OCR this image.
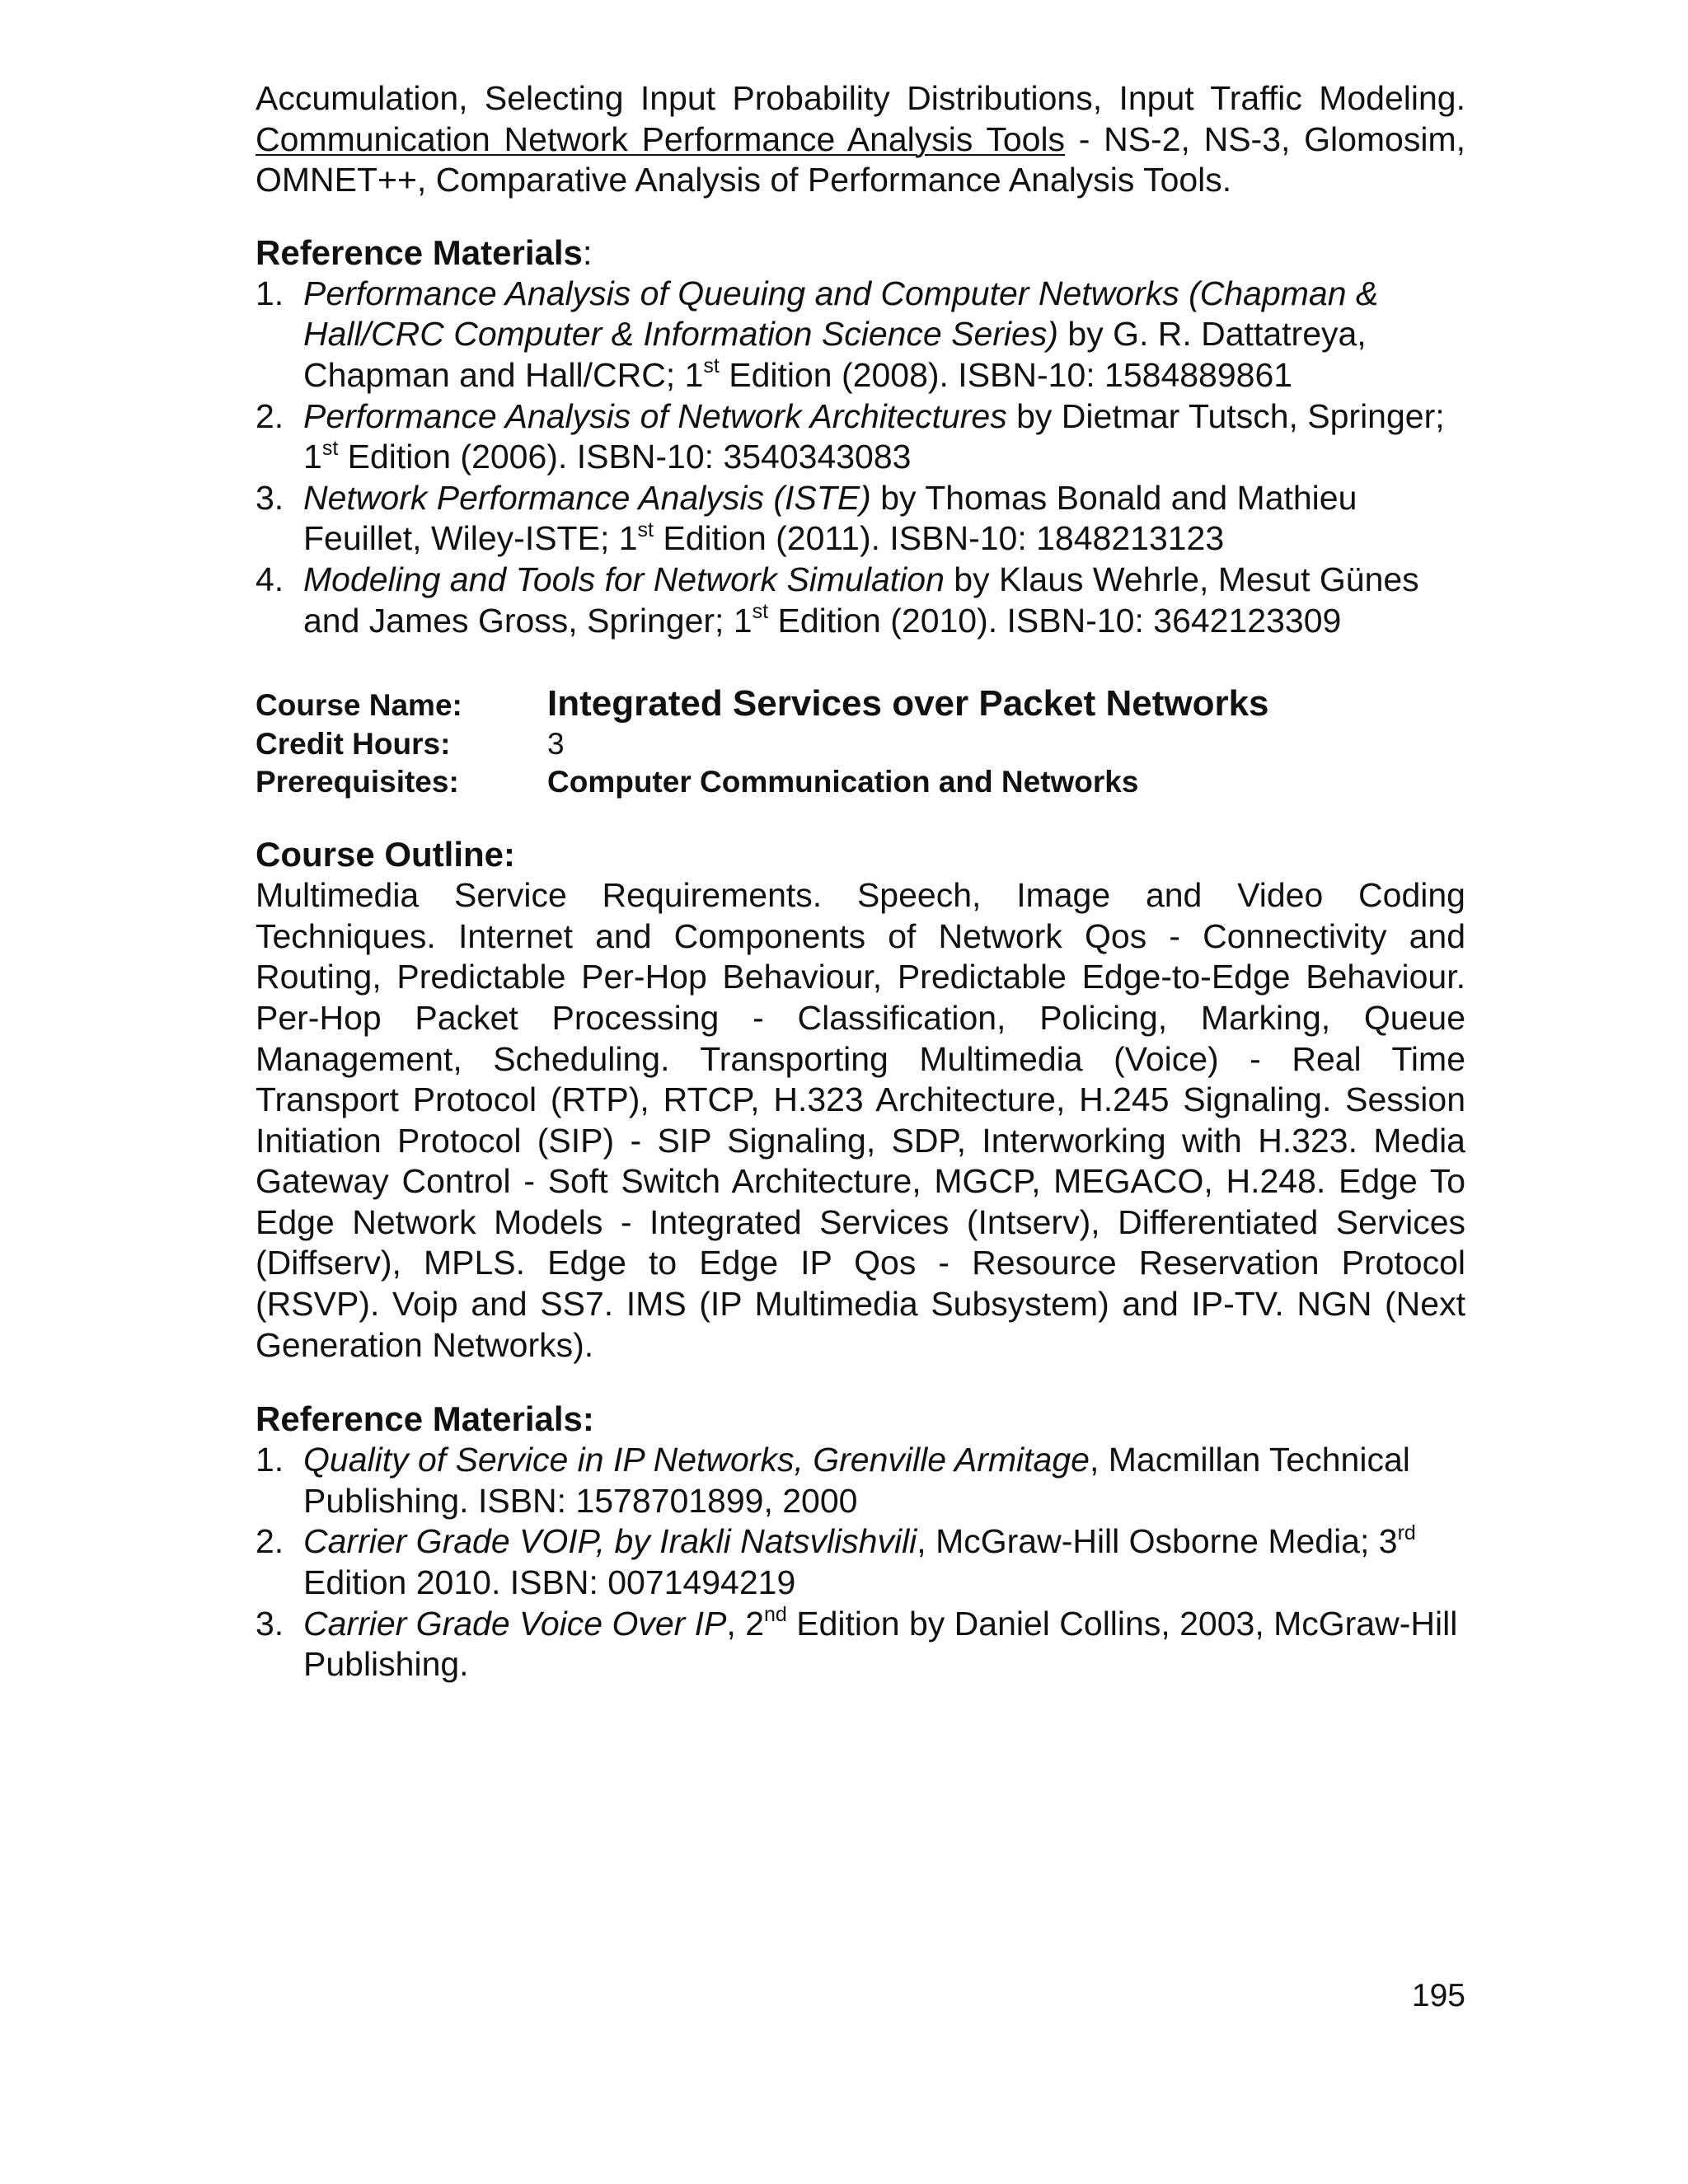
Accumulation, Selecting Input Probability Distributions, Input Traffic Modeling. Communication Network Performance Analysis Tools - NS-2, NS-3, Glomosim, OMNET++, Comparative Analysis of Performance Analysis Tools.

Reference Materials:
1. Performance Analysis of Queuing and Computer Networks (Chapman & Hall/CRC Computer & Information Science Series) by G. R. Dattatreya, Chapman and Hall/CRC; 1st Edition (2008). ISBN-10: 1584889861
2. Performance Analysis of Network Architectures by Dietmar Tutsch, Springer; 1st Edition (2006). ISBN-10: 3540343083
3. Network Performance Analysis (ISTE) by Thomas Bonald and Mathieu Feuillet, Wiley-ISTE; 1st Edition (2011). ISBN-10: 1848213123
4. Modeling and Tools for Network Simulation by Klaus Wehrle, Mesut Günes and James Gross, Springer; 1st Edition (2010). ISBN-10: 3642123309
Course Name:	Integrated Services over Packet Networks
Credit Hours:	3
Prerequisites:	Computer Communication and Networks
Course Outline:

Multimedia Service Requirements. Speech, Image and Video Coding Techniques. Internet and Components of Network Qos - Connectivity and Routing, Predictable Per-Hop Behaviour, Predictable Edge-to-Edge Behaviour. Per-Hop Packet Processing - Classification, Policing, Marking, Queue Management, Scheduling. Transporting Multimedia (Voice) - Real Time Transport Protocol (RTP), RTCP, H.323 Architecture, H.245 Signaling. Session Initiation Protocol (SIP) - SIP Signaling, SDP, Interworking with H.323. Media Gateway Control - Soft Switch Architecture, MGCP, MEGACO, H.248. Edge To Edge Network Models - Integrated Services (Intserv), Differentiated Services (Diffserv), MPLS. Edge to Edge IP Qos - Resource Reservation Protocol (RSVP). Voip and SS7. IMS (IP Multimedia Subsystem) and IP-TV. NGN (Next Generation Networks).

Reference Materials:
1. Quality of Service in IP Networks, Grenville Armitage, Macmillan Technical Publishing. ISBN: 1578701899, 2000
2. Carrier Grade VOIP, by Irakli Natsvlishvili, McGraw-Hill Osborne Media; 3rd Edition 2010. ISBN: 0071494219
3. Carrier Grade Voice Over IP, 2nd Edition by Daniel Collins, 2003, McGraw-Hill Publishing.
195
